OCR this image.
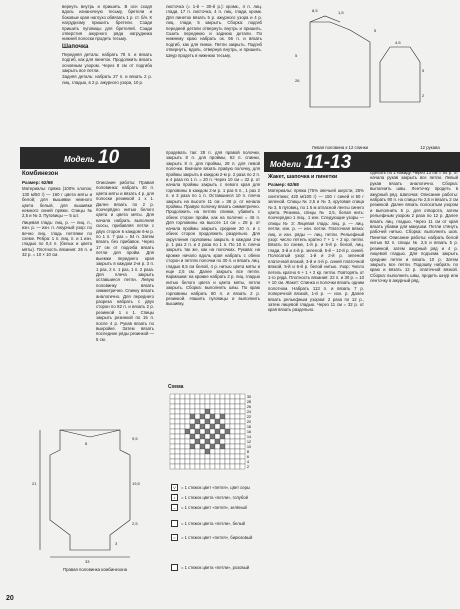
вернуть внутрь и пришить. В осн сходя вдоль изнаночную тесьму, бретели и боковые края наглухо обвязать 1 р. ст. б/н. К нагрудному пришить бретели. Сзади пришить пуговицы для бретелей. Сзади отверстия ажурного ряда нагрудника нижней полоски продеть тесьму.

Шапочка

Передняя деталь: набрать 78 п. и вязать подгиб, как для пинеток. Продолжить вязать основным узором. Через 8 см от подгиба закрыть все петли.

Задняя деталь: набрать 27 п. и вязать 2 р. лиц. гладью, в 2 р. ажурного узора, 10 р.

листочка (= 1-й – 30-й р.): кромк., 4 п. лиц. глади, 17 п. листочка, 4 п. лиц. глади, кромк. Для пинеток вязать 5 р. ажурного узора и 4 р. лиц. глади, 5 закрыть. Сборка: подгиб передней детали отвернуть внутрь и пришить. Сшить переднюю и заднюю детали. По нижнему краю набрать ок. 56 п. и вязать подгиб, как для пинки. Петли закрыть. Подгиб отвернуть, вдоль, отвернув внутрь, и пришить. Шнур продеть в нижнюю тесьму.

8,5	1,5
5
5
26
5
2
4,5
Левая половина к 12 спинки	12 рукава
Модель 10
Комбинезон

Размер: 62/68

Материалы: пряжа (100% хлопок; 130 м/50 г) — 160 г цвета мяты и белой; для вышивки немного цвета белый, для вышивки немного синей пряжи. Спицы № 2,5 и № 3. Пуговицы — 5 шт.

Лицевая гладь: лиц. р. — лиц. п., изн. р. — изн. п. Ажурный узор: по вечно лиц. гладь петлями по схеме. Ребра: 1 п. лиц. п. и 1 изн. гладью по 0,4 п. (белых и цвета мяты). Плотность вязания: 26 п. и 32 р. = 10 × 10 см.

Описание работы: Правая половинка: набрать 40 п. цвета мяты и вязать 4 р. для полоски резинкой 1 х 1. Далее вязать по 2 р. поочерёдно нитью белого цвета и цвета мяты. Для начала набрать выполняя скосы, прибавляя петли с двух сторон в каждом 6-м р. по 1 п. 7 раз = 54 п. Затем вязать без прибавок. Через 17 см от подгиба вязать петли для пройм. Для выемки переднего края закрыть в каждом 2-м р. 3 п. 1 раз, 2 п. 1 раз, 1 п. 2 раза. Для плеча закрыть оставшиеся петли. Левую половинку вязать симметрично. Спинку вязать аналогично. Для переднего разреза набрать с двух сторон по 82 п. и вязать 2 р. резинкой 1 х 1. Спицы закрыть резинкой по 15 п. после 4 р. Рукав вязать по выкройке. Затем вязать последние ряды резинкой — 5 см.

21
9,5
19,5
2,5
8
3
33
Правая половинка комбинезона

продевать так: 28 п. для правой полочки, закрыть 8 п. для проймы, 62 п. спинки, закрыть 8 п. для проймы, 28 п. для левой полочки. Вначале вязать правую полочку, для проймы закрыть в каждом 2-м р. 2 раза по 2 п. и 4 раза по 1 п. = 20 п. Через 10 см = 32 р. от начала проймы закрыть с левого края для горловины в каждом 2-м р. 1 раз 5 п., 1 раз 2 п. и 3 раза по 1 п. Оставшиеся 10 п. плеча закрыть на высоте 11 см = 38 р. от начала проймы. Правую полочку вязать симметрично. Продолжить на петлях спинки, убавить с обеих сторон пройм, как на полочке = 46 п. Для горловины на высоте 14 см = 28 р. от начала проймы закрыть средние 20 п. и с обеих сторон продолжить раздельно. Для округления горловины закрыть в каждом 2-м р. 1 раз 2 п. и 2 раза по 1 п. По 10 п. плеча закрыть так же, как на полочках. Рукава: на кромке начало вдоль края набрать с обеих сторон и петлях полочки по 30 п. и вязать лиц. гладью 8,5 см белой, 4 р. нитью цвета мяты и еще 2,5 см. Далее закрыть все петли. Кармашки: на кромке набрать 2 р. лиц. гладью нитью белого цвета и цвета мяты, петли закрыть. Сборка: выполнить швы. По краю горловины набрать 80 п. и вязать 2 р. резинкой. Нашить пуговицы и выполнить вышивку.

Схема
30
28
26
24
22
20
18
16
14
12
10
8
6
4
2
V
= 1 стежок цвет «петля», цвет серы
•
= 1 стежок цвета «петли», голубой
–
= 1 стежок цвет «петля», зелёный
= 1 стежок цвета «петли», белый
○
= 1 стежок цвет «петля», бирюзовый
= 1 стежок цвета «петли», розовый
Модели 11-13
Жакет, шапочка и пинетки

Размер: 62/68

Материалы: пряжа (75% овечьей шерсти, 25% синтетики; 420 м/100 г) — 150 г синей и 50 г зеленой. Спицы № 2,5 и № 3, круговая спица № 3, 5 пуговиц, по 1 5 м атласной ленты синего цвета. Резинка, спицы № 2,5, белая нить: поочередно 1 лиц., 1 изн. Следующие узоры — спицы № 3: Лицевая гладь: лиц. р. — лиц. петли, изн. р. — изн. петли. Платочная вязка: лиц. и изн. ряды — лиц. петли. Рельефный узор: число петель кратно 7 + 1 + 2 кр. петли. Вязать по схеме, 1-й р. и 5-й р. белой, лиц. глади, 3-й и 4-й р. зеленой, 5-й – 12-й р. синей. Полосатый узор: 1-й и 2-й р. зеленой платочной вязкой, 3-й и 4-й р. синей платочной вязкой, 5-й и 6-й р. белой нитью. Узор: Число петель кратно 6 + 1 + 2 кр. петли. Повторять от 1-го ряда. Плотность вязания: 22 п. и 30 р. = 10 × 10 см. Жакет: Спинка и полочки вязать одним полотном. Набрать 113 п. и вязать 7 р. поперечной вязкой, 1-й р. — изн. р. Далее вязать рельефным узором: 2 раза по 12 р., затем лицевой гладью. Через 11 см = 32 р. от края вязать раздельно.

сделать по 1 накиду. Через 13 см = 64 р. от начала рукав закрыть все петли. Левый рукав вязать аналогично. Сборка: выполнить швы. Ленточку продеть в ажурный ряд. Шапочка: Описание работы: набрать 90 п. на спицы № 2,5 и вязать 2 см резинкой. Далее вязать полосатым узором и выполнить 5 р. для отворота, затем рельефным узором 2 раза по 12 р. Далее вязать лиц. гладью. Через 11 см от края вязать убавки для макушки. Петли стянуть рабочей нитью. Сборка: выполнить шов. Пинетки: Описание работы: набрать белой нитью 52 п. спицы № 2,5 и вязать 5 р. резинкой, затем ажурный ряд и 4 р. лицевой гладью. Для подъема закрыть средние петли и вязать 10 р. Затем закрыть все петли. Подошву набрать по краю и вязать 12 р. платочной вязкой. Сборка: выполнить швы, продеть шнур или ленточку в ажурный ряд.

20
